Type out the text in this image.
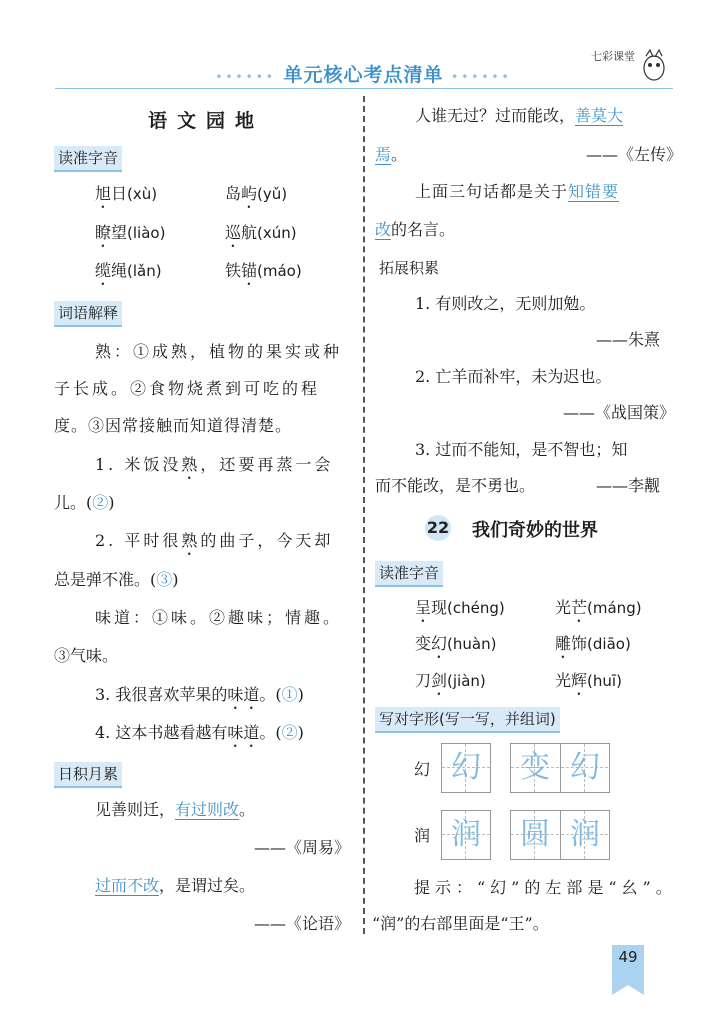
•••••• 单元核心考点清单 ••••••
七彩课堂
语文园地
读准字音
旭日(xù)	岛屿(yǔ)
瞭望(liào)	巡航(xún)
缆绳(lǎn)	铁锚(máo)
词语解释
熟：①成熟，植物的果实或种
子长成。②食物烧煮到可吃的程
度。③因常接触而知道得清楚。
1. 米饭没熟，还要再蒸一会
儿。(②)
2. 平时很熟的曲子，今天却
总是弹不准。(③)
味道：①味。②趣味；情趣。
③气味。
3. 我很喜欢苹果的味道。(①)
4. 这本书越看越有味道。(②)
日积月累
见善则迁，有过则改。
——《周易》
过而不改，是谓过矣。
——《论语》
人谁无过？过而能改，善莫大
焉。	——《左传》
上面三句话都是关于知错要
改的名言。
拓展积累
1. 有则改之，无则加勉。
——朱熹
2. 亡羊而补牢，未为迟也。
——《战国策》
3. 过而不能知，是不智也；知
而不能改，是不勇也。	——李觏
22 我们奇妙的世界
读准字音
呈现(chéng)	光芒(máng)
变幻(huàn)	雕饰(diāo)
刀剑(jiàn)	光辉(huī)
写对字形(写一写，并组词)
幻 幻	变 幻
润 润	圆 润
提示：“幻”的左部是“幺”。
“润”的右部里面是“王”。
49
